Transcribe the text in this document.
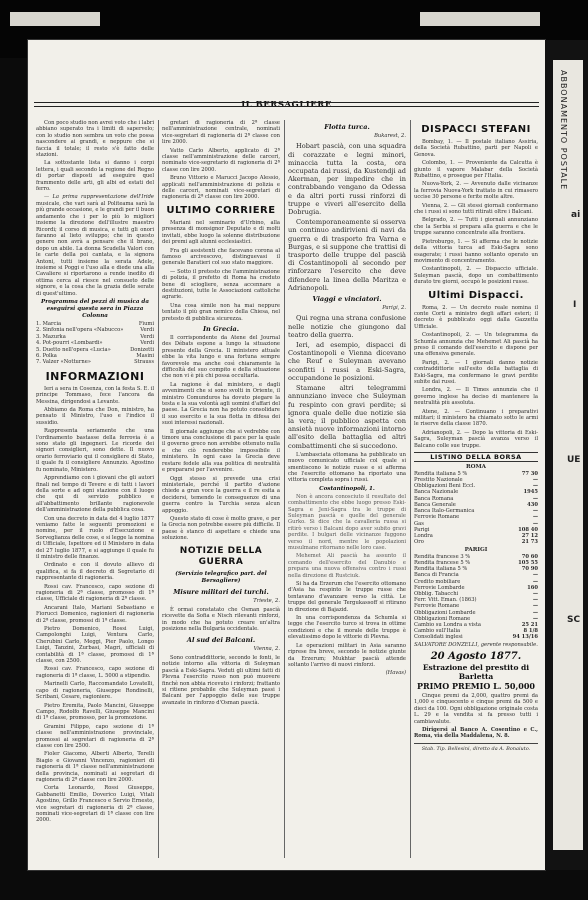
IL BERSAGLIERE

Con poco studio non avrei voto che i labri abbiano superato tra i limiti di sapervelo; con lo studio non sembra un voto che possa nascondere ai grandi, e neppure che si faccia il totale; il resto s'è fatto delle stazioni.

La sottostante lista si danno i corpi lettera, i quali secondo la regione del Regno di portar disposti ad eseguire quel frammento delle arti, gli albi ed estati del ferro.

— La prima rappresentazione dell'Iride musicale, che vari sarà al Politeama sarà la più grande occasione, e le grandi per il buon andamento che i per lo più lo migliori insieme la direzione dell'illustre maestro Ricordi; il corso di musica, e tutti gli onori faranno al lieto sviluppo; che in questo genere non avrà a pensare che il brano, dopo un abile. La donna Scudella Valori con le carte della poi cantata, e la signora Antoni, tutti insieme la serata Adele, insieme si Poggi e l'uso alla e diede una alla Cavaliere si riportarono a rende inedito di ottima cerca al riesce nel consueto delle signore, e la cosa che la grazia delle serate di quest'ultimo.

Programma del pezzi di musica da eseguirsi questa sera in Piazza Colonna
1. Marcia	Fiumi
2. Sinfonia nell'opera «Nabucco»	Verdi
3. Mazurka	Verdi
4. Pot-pourri «Lombardi»	Verdi
5. Duetto nell'opera «Lucia»	Donizetti
6. Polka	Masini
7. Valzer «Notturne»	Strauss
INFORMAZIONI

Ieri a sera in Cosenza, con la festa S. E. il principe Tommaso, fece l'ancora da Messina, dirigendosi a Levante.

Abbiamo da Roma che Don, ministro, ha pensato il Ministro, l'uso e l'indice il sussidio.

Rappresenta seriamente che una l'ordinamento bastasse della ferrovia è a sono stato gli ingegneri. Le ricorde dei signori consiglieri, sono dette. Il nuovo orario ferroviario qui il consigliere di Stato, il quale fu il consigliere Annunzio. Agostino fu nominato, Ministero.

Apprendiamo con i giovani che gli autori finali nel tempo di Tevere e di tutti i lavori della sorte e ad ogni stazione con il luogo che qui di servizio pubblico e all'abbattimento brillante ragionevole dell'amministrazione della pubblica cosa.

Con una decreto in data del 4 luglio 1877 veniamo fatte le seguenti promozioni e nomine, per il ruolo d'Esecuzione e Sorveglianza delle cose, e si legge la nomina di Ufficiale, Ispettore ed il Ministero in data del 27 luglio 1877, e si aggiunge il quale fu il ministro delle finanze.

Ordinato e con il dovuto allievo di qualifica, si fa il decreto di Segretario di rappresentante di ragioneria.

Rossi cav. Francesco, capo sezione di ragioneria di 2ª classe, promosso di 1ª classe, Ufficiale di ragioneria di 2ª classe.

Ancarani Italo, Mariani Sebastiano e Fiorucci Domenico, ragionieri di ragioneria di 2ª classe, promossi di 1ª classe.

Pietro Domenico, Rossi Luigi, Campolonghi Luigi, Ventura Carlo, Cherubini Carlo, Meggi, Pier Paolo, Longo Luigi, Tanzini, Zurbasi, Magri, ufficiali di contabilità di 1ª classe, promossi di 1ª classe, con 2500.

Rossi cav. Francesco, capo sezione di ragioneria di 1ª classe, L. 5000 a stipendio.

Marinelli Carlo, Raccomandato Lovatelli, capo di ragioneria, Giuseppe Rondinelli, Scribani, Cesare, ragioniere.

Pietro Eremita, Paolo Mancini, Giuseppe Campo, Rodolfo Ravelli, Giuseppe Mancini di 1ª classe, promosso, per la promozione.

Gramini Filippo, capo sezione di 1ª classe nell'amministrazione provinciale, promossi ai segretari di ragioneria di 2ª classe con lire 2500.

Fioler Giacomo, Alberti Alberto, Terelli Biagio e Giovanni Vincenzo, ragionieri di ragioneria di 1ª classe nell'amministrazione della provincia, nominati ai segretari di ragioneria di 2ª classe con lire 2000.

Corta Leonardo, Rossi Giuseppe, Gabbanetti Emilio, Doverico Luigi, Vitali Agostino, Grillo Francesco e Servio Ernesto, vice segretari di ragioneria di 2ª classe, nominati vice-segretari di 1ª classe con lire 2000.

gretari di ragioneria di 2ª classe nell'amministrazione centrale, nominati vice-segretari di ragioneria di 2ª classe con lire 2000.

Vatto Carlo Alberto, applicato di 2ª classe nell'amministrazione delle carceri, nominato vice-segretario di ragioneria di 2ª classe con lire 2000.

Bruno Vittorio e Marucci Jacopo Alessio, applicati nell'amministrazione di polizia e delle carceri, nominati vice-segretari di ragioneria di 2ª classe con lire 2000.

ULTIMO CORRIERE

Mariani nel seminario d'Urbino, alla presenza di monsignor Deputato e di molti invitati, ebbe luogo la solenne distribuzione dei premi agli alunni ecclesiastici.

Fra gli assistenti che facevano corona al famoso arcivescovo, distinguevasi il generale Baratieri col suo stato maggiore.

— Sotto il pretesto che l'amministrazione di polizia, il prefetto di Roma ha creduto bene di sciogliere, senza accennare a destituzioni, tutte le Associazioni cattoliche agrarie.

Una cosa simile non ha mai neppure tentato il più gran nemico della Chiesa, nel pretesto di pubblica sicurezza.

In Grecia.

Il corrispondente da Atene del Journal des Débats espone a lungo la situazione presente della Grecia. Il ministero attuale ebbe la vita lungo e una fortuna sempre favorevole ma anche così chiaramente la difficoltà del suo compito e della situazione che non vi è più chi possa occultarla.

La ragione è dal ministero, e dagli avvenimenti che si sono svolti in Oriente, il ministro Comunduros ha dovuto piegare la testa e la sua volontà agli uomini d'affari del paese. La Grecia non ha potuto consolidare il suo esercito e la sua flotta in difesa dei suoi interessi nazionali.

Il giornale aggiunge che si vedrebbe con timore una conclusione di pace per la quale il governo greco non avrebbe ottenuto nulla e che ciò renderebbe impossibile il ministero. In ogni caso la Grecia deve restare fedele alla sua politica di neutralità e prepararsi per l'avvenire.

Oggi stesso si prevede una crisi ministeriale, perché il partito d'azione chiede a gran voce la guerra e il re esita a decidersi, temendo le conseguenze di una guerra contro la Turchia senza alcun appoggio.

Questo stato di cose è molto grave, e per la Grecia non potrebbe essere più difficile. Il paese è stanco di aspettare e chiede una soluzione.

NOTIZIE DELLA GUERRA
(Servizio telegrafico part. del Bersagliere)
Misure militari dei turchi.
Trieste, 2.

È ormai constatato che Osman pascià ricevette da Sofia e Nisch rilevanti rinforzi, in modo che ha potuto creare un'altra posizione nella Bulgaria occidentale.

Al sud dei Balcani.
Vienna, 2.

Sono contraddittorie, secondo le fonti, le notizie intorno alla vittoria di Suleyman pascià a Eski-Sagra. Veduti gli ultimi fatti di Plevna l'esercito russo non può muovere finchè non abbia ricevuto i rinforzi; frattanto si ritiene probabile che Suleyman passi i Balcani per l'appoggio delle sue truppe avanzate in rinforzo d'Osman pascià.

Flotta turca.
Bukarest, 2.

Hobart pascià, con una squadra di corazzate e legni minori, minaccia tutta la costa, ora occupata dai russi, da Kustendji ad Akerman, per impedire che in contrabbando vengano da Odessa e da altri porti russi rinforzi di truppe e viveri all'esercito della Dobrugia.

Contemporaneamente si osserva un continuo andirivieni di navi da guerra e di trasporto fra Varna e Burgas, e si suppone che trattisi di trasporto delle truppe del pascià di Costantinopoli al secondo per rinforzare l'esercito che deve difendere la linea della Maritza e Adrianopoli.

Viaggi e vinciatori.
Parigi, 2.

Qui regna una strana confusione nelle notizie che giungono dal teatro della guerra.

Ieri, ad esempio, dispacci di Costantinopoli e Vienna dicevano che Reuf e Suleyman avevano sconfitti i russi a Eski-Sagra, occupandone le posizioni.

Stamane altri telegrammi annunziano invece che Suleyman fu respinto con gravi perdite; si ignora quale delle due notizie sia la vera; il pubblico aspetta con ansietà nuove informazioni intorno all'esito della battaglia ed altri combattimenti che si succedono.

L'ambasciata ottomana ha pubblicato un nuovo comunicato ufficiale col quale si smentiscono le notizie russe e si afferma che l'esercito ottomano ha riportato una vittoria completa sopra i russi.

Costantinopoli, 1.

Non è ancora conosciuto il resultato del combattimento che ebbe luogo presso Eski-Sagra e Jeni-Sagra tra le truppe di Suleyman pascià e quelle del generale Gurko. Si dice che la cavalleria russa si ritirò verso i Balcani dopo aver subito gravi perdite. I bulgari delle vicinanze fuggono verso il nord, mentre le popolazioni musulmane ritornano nelle loro case.

Mehemet Ali pascià ha assunto il comando dell'esercito del Danubio e prepara una nuova offensiva contro i russi nella direzione di Rustciuk.

Si ha da Erzerum che l'esercito ottomano d'Asia ha respinto le truppe russe che tentavano d'avanzare verso la città. Le truppe del generale Tergukassoff si ritirano in direzione di Bajazid.

In una corrispondenza da Schumla si legge che l'esercito turco si trova in ottime condizioni e che il morale delle truppe è elevatissimo dopo le vittorie di Plevna.

Le operazioni militari in Asia saranno riprese fra breve, secondo le notizie giunte da Erzerum; Mukhtar pascià attende soltanto l'arrivo di nuovi rinforzi.

(Havas)
DISPACCI STEFANI

Bombay, 1. — Il postale italiano Assiria, della Società Rubattino, parti per Napoli e Genova.

Colombo, 1. — Proveniente da Calcutta è giunto il vapore Malabar della Società Rubattino, e prosegue per l'Italia.

Nuova-York, 2. — Avvenuto dalle vicinanze la ferrovia Nuova-York trattato in cui rimasero uccise 30 persone e ferite molte altre.

Vienna, 2. — Gli stessi giornali confermano che i russi si sono tutti ritirati oltre i Balcani.

Belgrado, 2. — Tutti i giornali annunziano che la Serbia si prepara alla guerra e che le truppe saranno concentrate alla frontiera.

Pietroburgo, 1. — Si afferma che le notizie della vittoria turca ad Eski-Sagra sono esagerate; i russi hanno soltanto operato un movimento di concentramento.

Costantinopoli, 2. — Dispaccio ufficiale. Suleyman pascià, dopo un combattimento durato tre giorni, occupò le posizioni russe.

Ultimi Dispacci.

Roma, 2. — Un decreto reale nomina il conte Corti a ministro degli affari esteri; il decreto è pubblicato oggi dalla Gazzetta Ufficiale.

Costantinopoli, 2. — Un telegramma da Schumla annunzia che Mehemet Ali pascià ha preso il comando dell'esercito e dispone per una offensiva generale.

Parigi, 2. — I giornali danno notizie contraddittorie sull'esito della battaglia di Eski-Sagra, ma confermano le gravi perdite subite dai russi.

Londra, 2. — Il Times annunzia che il governo inglese ha deciso di mantenere la neutralità più assoluta.

Atene, 2. — Continuano i preparativi militari; il ministero ha chiamato sotto le armi le riserve della classe 1870.

Adrianopoli, 2. — Dopo la vittoria di Eski-Sagra, Suleyman pascià avanza verso il Balcano colle sue truppe.

LISTINO DELLA BORSA
ROMA
Rendita italiana 5 %	77 30
Prestito Nazionale	—
Obbligazioni Beni Eccl.	—
Banca Nazionale	1945
Banca Romana	—
Banca Generale	430
Banca Italo-Germanica	—
Ferrovie Romane	—
Gas	—
Parigi	108 40
Londra	27 12
Oro	21 73
PARIGI
Rendita francese 3 %	70 60
Rendita francese 5 %	105 55
Rendita italiana 5 %	70 90
Banca di Francia	—
Credito mobiliare	—
Ferrovie Lombarde	160
Obblig. Tabacchi	—
Ferr. Vitt. Eman. (1863)	—
Ferrovie Romane	—
Obbligazioni Lombarde	—
Obbligazioni Romane	—
Cambio su Londra a vista	25 21
Cambio sull'Italia	8 1/8
Consolidati inglesi	94 13/16
SALVATORE DONZELLI, gerente responsabile.
20 Agosto 1877.
Estrazione del prestito di Barletta
PRIMO PREMIO L. 50,000

Cinque premi da 2,000, quattro premi da 1,000 e cinquecento e cinque premi da 500 e dieci da 100. Ogni obbligazione originale costa L. 29 e la vendita si fa presso tutti i cambiavalute.

Dirigersi al Banco A. Cosentino e C., Roma, via della Maddalena, N. 8.

Stab. Tip. Bellesini, diretto da A. Bonaiuto.
ABBONAMENTO POSTALE
ai
I
UE
SC
